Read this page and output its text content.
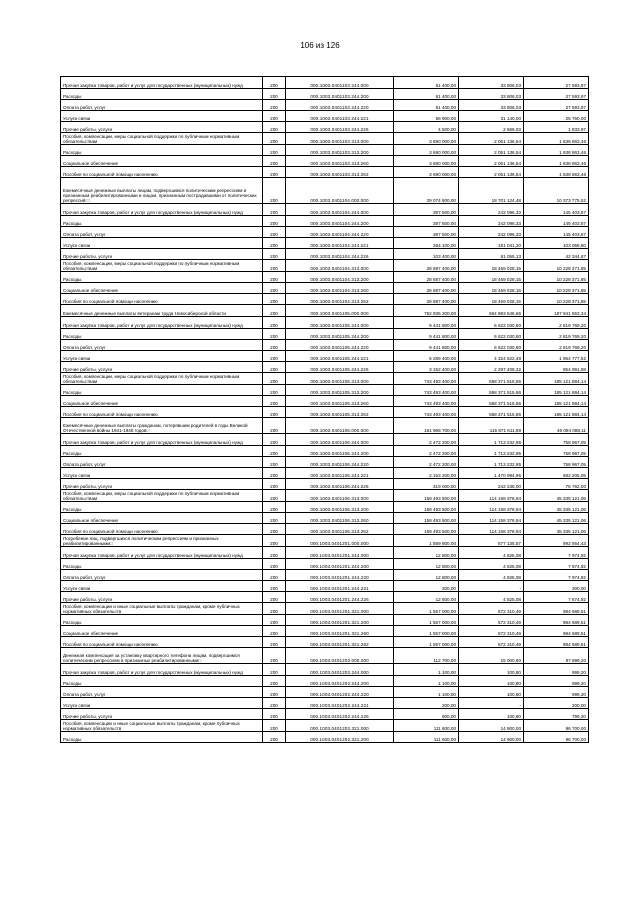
106 из 126
Прочая закупка товаров, работ и услуг для государственных (муниципальных) нужд	200	000.1003.0401103.244.000	61 400,00	33 806,03	27 593,97
Расходы	200	000.1003.0401103.244.200	61 400,00	33 806,03	27 593,97
Оплата работ, услуг	200	000.1003.0401103.244.220	61 400,00	33 806,03	27 593,97
Услуги связи	200	000.1003.0401103.244.221	56 900,00	31 140,00	25 760,00
Прочие работы, услуги	200	000.1003.0401103.244.226	4 500,00	2 666,03	1 833,97
Пособия, компенсации, меры социальной поддержки по публичным нормативным обязательствам	200	000.1003.0401103.313.000	3 690 000,00	2 051 136,54	1 638 863,46
Расходы	200	000.1003.0401103.313.200	3 690 000,00	2 051 136,54	1 638 863,46
Социальное обеспечение	200	000.1003.0401103.313.260	3 690 000,00	2 051 136,54	1 638 863,46
Пособия по социальной помощи населению	200	000.1003.0401103.313.262	3 690 000,00	2 051 136,54	1 638 863,46
Ежемесячные денежные выплаты лицам, подвергшимся политическим репрессиям и признанным реабилитированными и лицам, признанным пострадавшими от политических репрессий □	200	000.1003.0401104.000.000	29 074 900,00	18 701 124,48	10 373 775,52
Прочая закупка товаров, работ и услуг для государственных (муниципальных) нужд	200	000.1003.0401104.244.000	387 500,00	242 096,33	145 403,67
Расходы	200	000.1003.0401104.244.200	387 500,00	242 096,33	145 403,67
Оплата работ, услуг	200	000.1003.0401104.244.220	387 500,00	242 096,33	145 403,67
Услуги связи	200	000.1003.0401104.244.221	284 100,00	181 041,20	103 058,80
Прочие работы, услуги	200	000.1003.0401104.244.226	103 400,00	61 055,13	42 344,87
Пособия, компенсации, меры социальной поддержки по публичным нормативным обязательствам	200	000.1003.0401104.313.000	28 687 400,00	18 459 028,15	10 228 371,85
Расходы	200	000.1003.0401104.313.200	28 687 400,00	18 459 028,15	10 228 371,85
Социальное обеспечение	200	000.1003.0401104.313.260	28 687 400,00	18 459 028,15	10 228 371,85
Пособия по социальной помощи населению	200	000.1003.0401104.313.262	28 687 400,00	18 459 028,15	10 228 371,85
Ежемесячные денежные выплаты ветеранам труда Новосибирской области	200	000.1003.0401105.000.000	752 935 200,00	564 993 546,66	187 941 653,34
Прочая закупка товаров, работ и услуг для государственных (муниципальных) нужд	200	000.1003.0401105.244.000	9 441 800,00	6 622 030,80	2 819 769,20
Расходы	200	000.1003.0401105.244.200	9 441 800,00	6 622 030,80	2 819 769,20
Оплата работ, услуг	200	000.1003.0401105.244.220	9 441 800,00	6 622 030,80	2 819 769,20
Услуги связи	200	000.1003.0401105.244.221	6 289 400,00	4 324 622,48	1 964 777,52
Прочие работы, услуги	200	000.1003.0401105.244.226	3 152 400,00	2 297 408,32	854 991,68
Пособия, компенсации, меры социальной поддержки по публичным нормативным обязательствам	200	000.1003.0401105.313.000	743 493 400,00	558 371 515,86	185 121 884,14
Расходы	200	000.1003.0401105.313.200	743 493 400,00	558 371 515,86	185 121 884,14
Социальное обеспечение	200	000.1003.0401105.313.260	743 493 400,00	558 371 515,86	185 121 884,14
Пособия по социальной помощи населению	200	000.1003.0401105.313.262	743 493 400,00	558 371 515,86	185 121 884,14
Ежемесячные денежные выплаты гражданам, потерявшим родителей в годы Великой Отечественной войны 1941-1945 годов□	200	000.1003.0401106.000.000	161 965 700,00	115 871 611,89	46 094 088,11
Прочая закупка товаров, работ и услуг для государственных (муниципальных) нужд	200	000.1003.0401106.244.000	2 472 200,00	1 713 232,95	758 967,05
Расходы	200	000.1003.0401106.244.200	2 472 200,00	1 713 232,95	758 967,05
Оплата работ, услуг	200	000.1003.0401106.244.220	2 472 200,00	1 713 232,95	758 967,05
Услуги связи	200	000.1003.0401106.244.221	2 153 200,00	1 470 994,95	682 205,05
Прочие работы, услуги	200	000.1003.0401106.244.226	319 000,00	242 238,00	76 762,00
Пособия, компенсации, меры социальной поддержки по публичным нормативным обязательствам	200	000.1003.0401106.313.000	159 493 500,00	114 158 378,94	45 335 121,06
Расходы	200	000.1003.0401106.313.200	159 493 500,00	114 158 378,94	45 335 121,06
Социальное обеспечение	200	000.1003.0401106.313.260	159 493 500,00	114 158 378,94	45 335 121,06
Пособия по социальной помощи населению	200	000.1003.0401106.313.262	159 493 500,00	114 158 378,94	45 335 121,06
Погребение лиц, подвергшихся политическим репрессиям и признанных реабилитированными□	200	000.1003.0401201.000.000	1 569 800,00	577 135,57	992 664,43
Прочая закупка товаров, работ и услуг для государственных (муниципальных) нужд	200	000.1003.0401201.244.000	12 800,00	4 825,08	7 974,92
Расходы	200	000.1003.0401201.244.200	12 800,00	4 825,08	7 974,92
Оплата работ, услуг	200	000.1003.0401201.244.220	12 800,00	4 825,08	7 974,92
Услуги связи	200	000.1003.0401201.244.221	300,00	-	300,00
Прочие работы, услуги	200	000.1003.0401201.244.226	12 500,00	4 825,08	7 674,92
Пособия, компенсации и иные социальные выплаты гражданам, кроме публичных нормативных обязательств	200	000.1003.0401201.321.000	1 557 000,00	572 310,49	984 689,51
Расходы	200	000.1003.0401201.321.200	1 557 000,00	572 310,49	984 689,51
Социальное обеспечение	200	000.1003.0401201.321.260	1 557 000,00	572 310,49	984 689,51
Пособия по социальной помощи населению	200	000.1003.0401201.321.262	1 557 000,00	572 310,49	984 689,51
Денежная компенсация за установку квартирного телефона лицам, подвергшимся политическим репрессиям и признанных реабилитированными□	200	000.1003.0401202.000.000	112 700,00	15 000,80	97 699,20
Прочая закупка товаров, работ и услуг для государственных (муниципальных) нужд	200	000.1003.0401202.244.000	1 100,00	100,80	999,20
Расходы	200	000.1003.0401202.244.200	1 100,00	100,80	999,20
Оплата работ, услуг	200	000.1003.0401202.244.220	1 100,00	100,80	999,20
Услуги связи	200	000.1003.0401202.244.221	200,00	-	200,00
Прочие работы, услуги	200	000.1003.0401202.244.226	900,00	100,80	799,20
Пособия, компенсации и иные социальные выплаты гражданам, кроме публичных нормативных обязательств	200	000.1003.0401202.321.000	111 600,00	14 900,00	96 700,00
Расходы	200	000.1003.0401202.321.200	111 600,00	14 900,00	96 700,00
